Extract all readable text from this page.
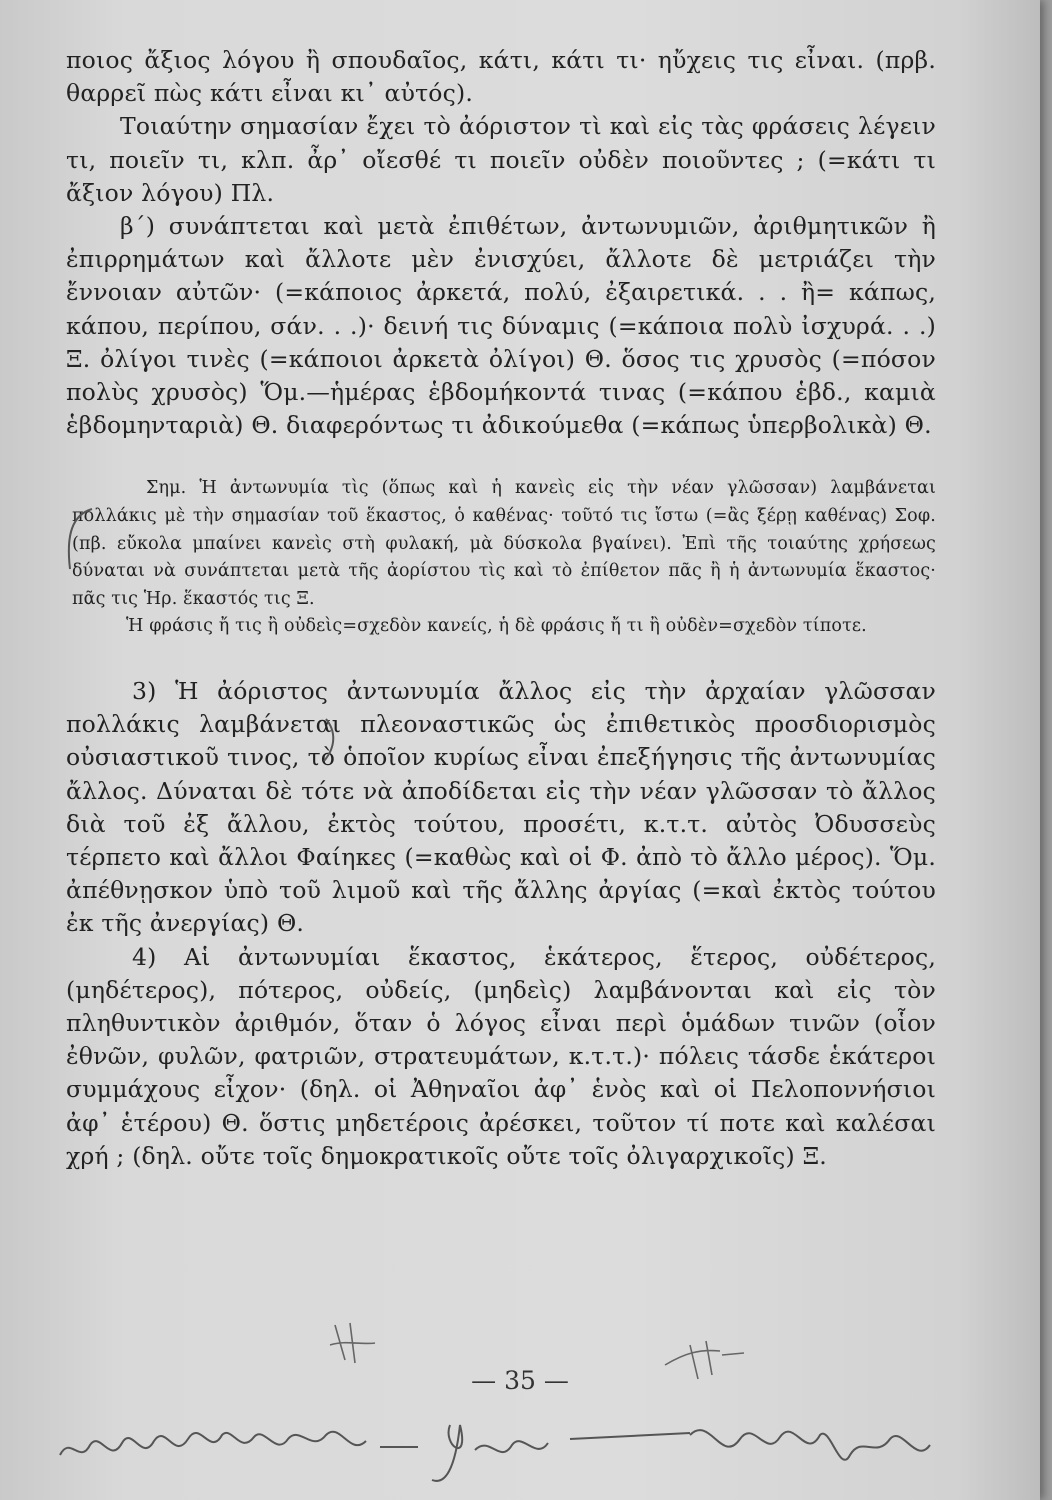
ποιος ἄξιος λόγου ἢ σπουδαῖος, κάτι, κάτι τι· ηὔχεις τις εἶναι. (πρβ. θαρρεῖ πὼς κάτι εἶναι κι᾿ αὐτός).

Τοιαύτην σημασίαν ἔχει τὸ ἀόριστον τὶ καὶ εἰς τὰς φράσεις λέγειν τι, ποιεῖν τι, κλπ. ἆρ᾿ οἴεσθέ τι ποιεῖν οὐδὲν ποιοῦντες ; (=κάτι τι ἄξιον λόγου) Πλ.

β΄) συνάπτεται καὶ μετὰ ἐπιθέτων, ἀντωνυμιῶν, ἀριθμητικῶν ἢ ἐπιρρημάτων καὶ ἄλλοτε μὲν ἐνισχύει, ἄλλοτε δὲ μετριάζει τὴν ἔννοιαν αὐτῶν· (=κάποιος ἀρκετά, πολύ, ἐξαιρετικά. . . ἢ= κάπως, κάπου, περίπου, σάν. . .)· δεινή τις δύναμις (=κάποια πολὺ ἰσχυρά. . .) Ξ. ὀλίγοι τινὲς (=κάποιοι ἀρκετὰ ὀλίγοι) Θ. ὅσος τις χρυσὸς (=πόσον πολὺς χρυσὸς) Ὅμ.—ἡμέρας ἑβδομήκοντά τινας (=κάπου ἑβδ., καμιὰ ἑβδομηνταριὰ) Θ. διαφερόντως τι ἀδικούμεθα (=κάπως ὑπερβολικὰ) Θ.

Σημ. Ἡ ἀντωνυμία τὶς (ὅπως καὶ ἡ κανεὶς εἰς τὴν νέαν γλῶσσαν) λαμβάνεται πολλάκις μὲ τὴν σημασίαν τοῦ ἕκαστος, ὁ καθένας· τοῦτό τις ἴστω (=ἂς ξέρῃ καθένας) Σοφ. (πβ. εὔκολα μπαίνει κανεὶς στὴ φυλακή, μὰ δύσκολα βγαίνει). Ἐπὶ τῆς τοιαύτης χρήσεως δύναται νὰ συνάπτεται μετὰ τῆς ἀορίστου τὶς καὶ τὸ ἐπίθετον πᾶς ἢ ἡ ἀντωνυμία ἕκαστος· πᾶς τις Ἡρ. ἕκαστός τις Ξ.

Ἡ φράσις ἤ τις ἢ οὐδεὶς=σχεδὸν κανείς, ἡ δὲ φράσις ἤ τι ἢ οὐδὲν=σχεδὸν τίποτε.

3) Ἡ ἀόριστος ἀντωνυμία ἄλλος εἰς τὴν ἀρχαίαν γλῶσσαν πολλάκις λαμβάνεται πλεοναστικῶς ὡς ἐπιθετικὸς προσδιορισμὸς οὐσιαστικοῦ τινος, τὸ ὁποῖον κυρίως εἶναι ἐπεξήγησις τῆς ἀντωνυμίας ἄλλος. Δύναται δὲ τότε νὰ ἀποδίδεται εἰς τὴν νέαν γλῶσσαν τὸ ἄλλος διὰ τοῦ ἐξ ἄλλου, ἐκτὸς τούτου, προσέτι, κ.τ.τ. αὐτὸς Ὀδυσσεὺς τέρπετο καὶ ἄλλοι Φαίηκες (=καθὼς καὶ οἱ Φ. ἀπὸ τὸ ἄλλο μέρος). Ὅμ. ἀπέθνῃσκον ὑπὸ τοῦ λιμοῦ καὶ τῆς ἄλλης ἀργίας (=καὶ ἐκτὸς τούτου ἐκ τῆς ἀνεργίας) Θ.

4) Αἱ ἀντωνυμίαι ἕκαστος, ἑκάτερος, ἕτερος, οὐδέτερος, (μηδέτερος), πότερος, οὐδείς, (μηδεὶς) λαμβάνονται καὶ εἰς τὸν πληθυντικὸν ἀριθμόν, ὅταν ὁ λόγος εἶναι περὶ ὁμάδων τινῶν (οἷον ἐθνῶν, φυλῶν, φατριῶν, στρατευμάτων, κ.τ.τ.)· πόλεις τάσδε ἑκάτεροι συμμάχους εἶχον· (δηλ. οἱ Ἀθηναῖοι ἀφ᾿ ἑνὸς καὶ οἱ Πελοποννήσιοι ἀφ᾿ ἑτέρου) Θ. ὅστις μηδετέροις ἀρέσκει, τοῦτον τί ποτε καὶ καλέσαι χρή ; (δηλ. οὔτε τοῖς δημοκρατικοῖς οὔτε τοῖς ὀλιγαρχικοῖς) Ξ.

— 35 —
